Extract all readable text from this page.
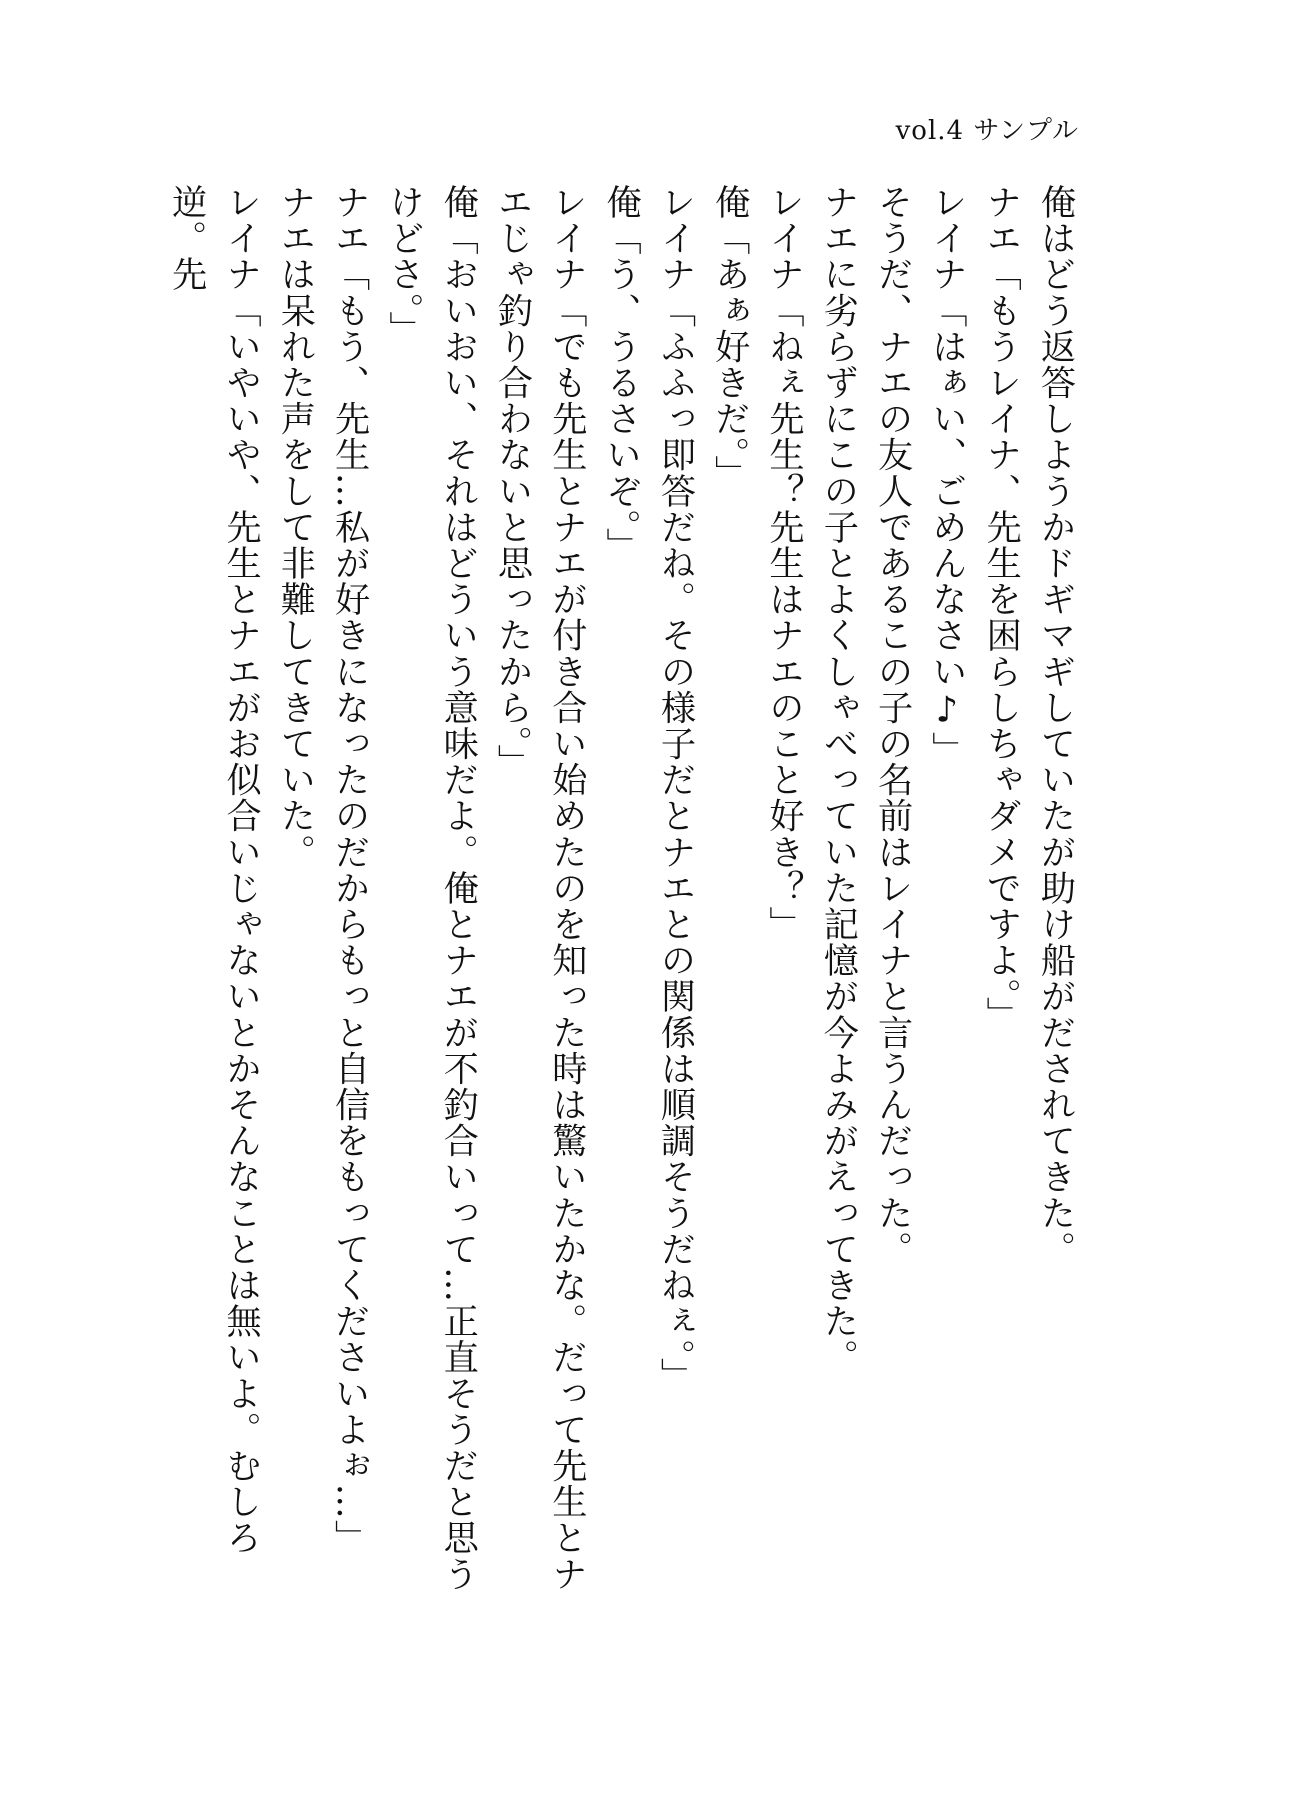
vol.4 サンプル

俺はどう返答しようかドギマギしていたが助け船がだされてきた。

ナエ「もうレイナ、先生を困らしちゃダメですよ。」

レイナ「はぁい、ごめんなさい♪」

そうだ、ナエの友人であるこの子の名前はレイナと言うんだった。

ナエに劣らずにこの子とよくしゃべっていた記憶が今よみがえってきた。

レイナ「ねぇ先生？先生はナエのこと好き？」

俺「あぁ好きだ。」

レイナ「ふふっ即答だね。その様子だとナエとの関係は順調そうだねぇ。」

俺「う、うるさいぞ。」

レイナ「でも先生とナエが付き合い始めたのを知った時は驚いたかな。だって先生とナエじゃ釣り合わないと思ったから。」

俺「おいおい、それはどういう意味だよ。俺とナエが不釣合いって…正直そうだと思うけどさ。」

ナエ「もう、先生…私が好きになったのだからもっと自信をもってくださいよぉ…」

ナエは呆れた声をして非難してきていた。

レイナ「いやいや、先生とナエがお似合いじゃないとかそんなことは無いよ。むしろ逆。先
